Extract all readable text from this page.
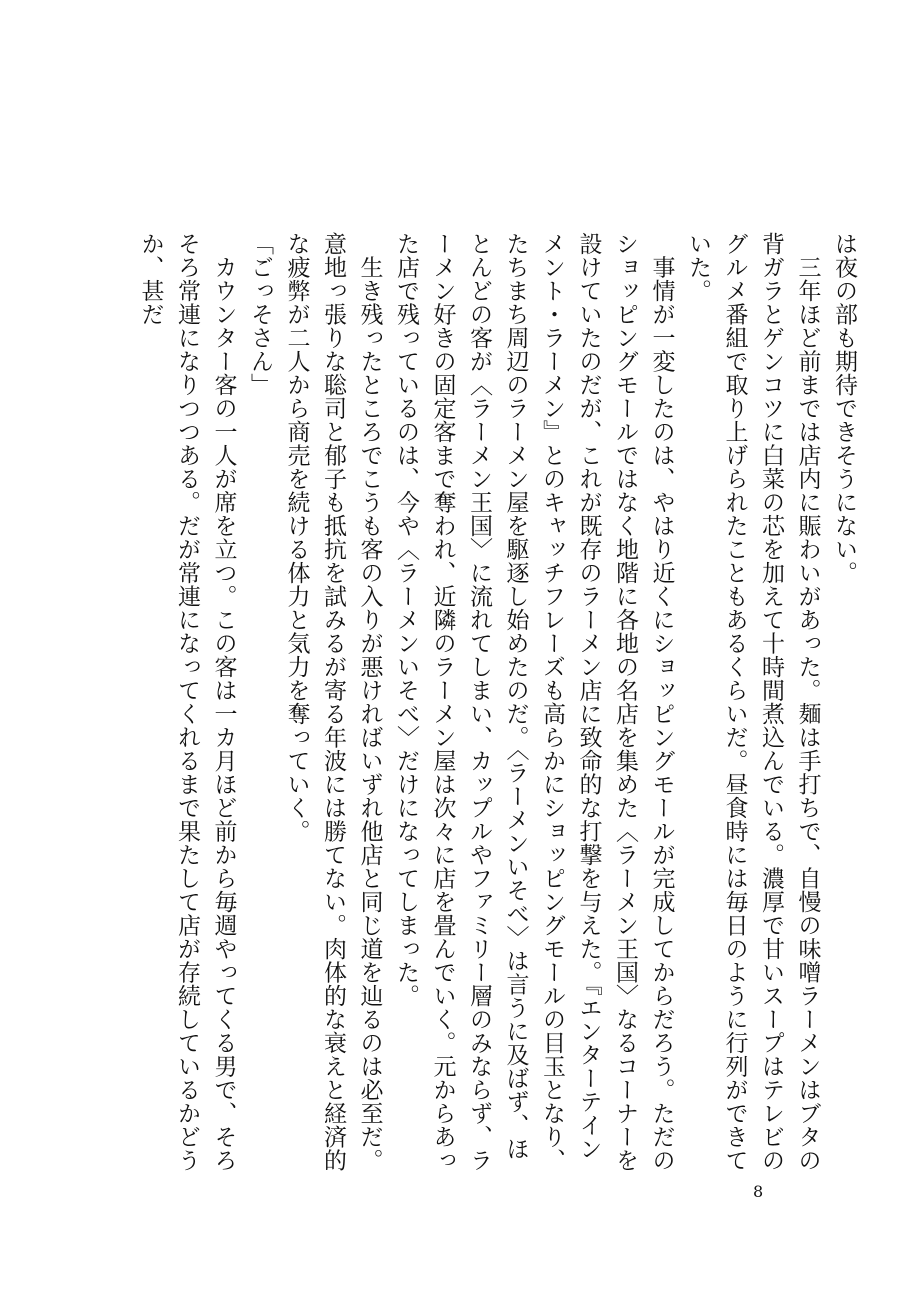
は夜の部も期待できそうにない。

　三年ほど前までは店内に賑わいがあった。麺は手打ちで、自慢の味噌ラーメンはブタの背ガラとゲンコツに白菜の芯を加えて十時間煮込んでいる。濃厚で甘いスープはテレビのグルメ番組で取り上げられたこともあるくらいだ。昼食時には毎日のように行列ができていた。

　事情が一変したのは、やはり近くにショッピングモールが完成してからだろう。ただのショッピングモールではなく地階に各地の名店を集めた〈ラーメン王国〉なるコーナーを設けていたのだが、これが既存のラーメン店に致命的な打撃を与えた。『エンターテインメント・ラーメン』とのキャッチフレーズも高らかにショッピングモールの目玉となり、たちまち周辺のラーメン屋を駆逐し始めたのだ。〈ラーメンいそべ〉は言うに及ばず、ほとんどの客が〈ラーメン王国〉に流れてしまい、カップルやファミリー層のみならず、ラーメン好きの固定客まで奪われ、近隣のラーメン屋は次々に店を畳んでいく。元からあった店で残っているのは、今や〈ラーメンいそべ〉だけになってしまった。

　生き残ったところでこうも客の入りが悪ければいずれ他店と同じ道を辿るのは必至だ。意地っ張りな聡司と郁子も抵抗を試みるが寄る年波には勝てない。肉体的な衰えと経済的な疲弊が二人から商売を続ける体力と気力を奪っていく。

「ごっそさん」

　カウンター客の一人が席を立つ。この客は一カ月ほど前から毎週やってくる男で、そろそろ常連になりつつある。だが常連になってくれるまで果たして店が存続しているかどうか、甚だ

8
